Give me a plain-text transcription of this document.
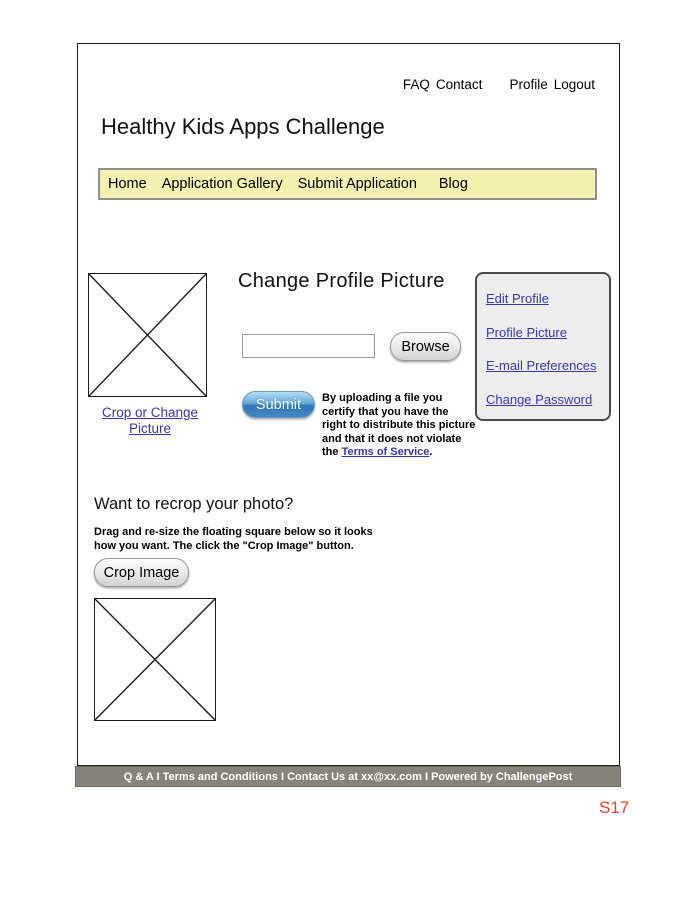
FAQ Contact Profile Logout
Healthy Kids Apps Challenge
Home Application Gallery Submit Application Blog
Crop or Change
Picture
Change Profile Picture
Browse
Submit	By uploading a file you
certify that you have the
right to distribute this picture
and that it does not violate
the Terms of Service.
Edit Profile
Profile Picture
E-mail Preferences
Change Password
Want to recrop your photo?
Drag and re-size the floating square below so it looks
how you want. The click the "Crop Image" button.
Crop Image
Q & A I Terms and Conditions I Contact Us at xx@xx.com I Powered by ChallengePost
S17
